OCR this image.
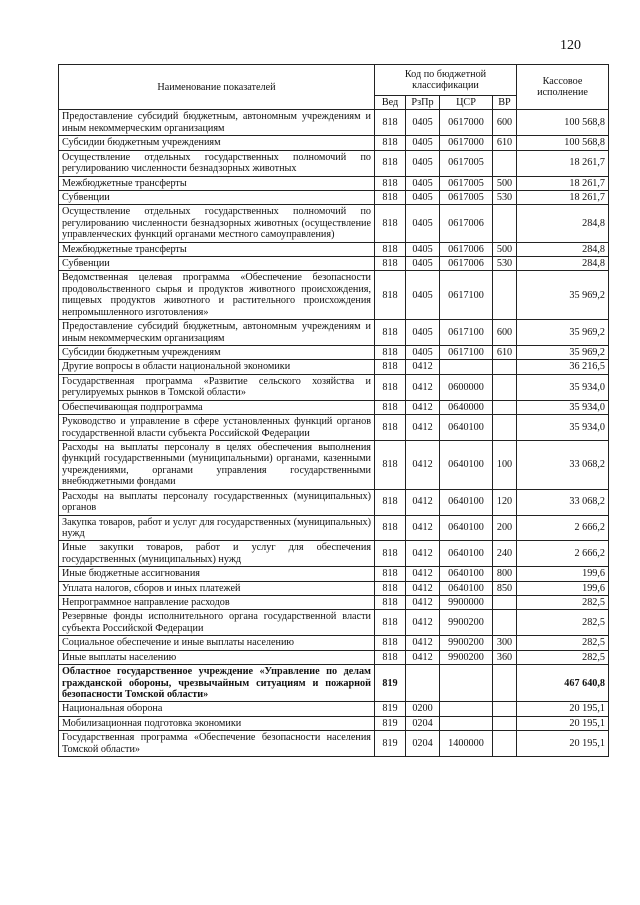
120
Наименование показателей	Код по бюджетной классификации				Кассовое исполнение
	Вед	РзПр	ЦСР	ВР	
Предоставление субсидий бюджетным, автономным учреждениям и иным некоммерческим организациям	818	0405	0617000	600	100 568,8
Субсидии бюджетным учреждениям	818	0405	0617000	610	100 568,8
Осуществление отдельных государственных полномочий по регулированию численности безнадзорных животных	818	0405	0617005		18 261,7
Межбюджетные трансферты	818	0405	0617005	500	18 261,7
Субвенции	818	0405	0617005	530	18 261,7
Осуществление отдельных государственных полномочий по регулированию численности безнадзорных животных (осуществление управленческих функций органами местного самоуправления)	818	0405	0617006		284,8
Межбюджетные трансферты	818	0405	0617006	500	284,8
Субвенции	818	0405	0617006	530	284,8
Ведомственная целевая программа «Обеспечение безопасности продовольственного сырья и продуктов животного происхождения, пищевых продуктов животного и растительного происхождения непромышленного изготовления»	818	0405	0617100		35 969,2
Предоставление субсидий бюджетным, автономным учреждениям и иным некоммерческим организациям	818	0405	0617100	600	35 969,2
Субсидии бюджетным учреждениям	818	0405	0617100	610	35 969,2
Другие вопросы в области национальной экономики	818	0412			36 216,5
Государственная программа «Развитие сельского хозяйства и регулируемых рынков в Томской области»	818	0412	0600000		35 934,0
Обеспечивающая подпрограмма	818	0412	0640000		35 934,0
Руководство и управление в сфере установленных функций органов государственной власти субъекта Российской Федерации	818	0412	0640100		35 934,0
Расходы на выплаты персоналу в целях обеспечения выполнения функций государственными (муниципальными) органами, казенными учреждениями, органами управления государственными внебюджетными фондами	818	0412	0640100	100	33 068,2
Расходы на выплаты персоналу государственных (муниципальных) органов	818	0412	0640100	120	33 068,2
Закупка товаров, работ и услуг для государственных (муниципальных) нужд	818	0412	0640100	200	2 666,2
Иные закупки товаров, работ и услуг для обеспечения государственных (муниципальных) нужд	818	0412	0640100	240	2 666,2
Иные бюджетные ассигнования	818	0412	0640100	800	199,6
Уплата налогов, сборов и иных платежей	818	0412	0640100	850	199,6
Непрограммное направление расходов	818	0412	9900000		282,5
Резервные фонды исполнительного органа государственной власти субъекта Российской Федерации	818	0412	9900200		282,5
Социальное обеспечение и иные выплаты населению	818	0412	9900200	300	282,5
Иные выплаты населению	818	0412	9900200	360	282,5
Областное государственное учреждение «Управление по делам гражданской обороны, чрезвычайным ситуациям и пожарной безопасности Томской области»	819				467 640,8
Национальная оборона	819	0200			20 195,1
Мобилизационная подготовка экономики	819	0204			20 195,1
Государственная программа «Обеспечение безопасности населения Томской области»	819	0204	1400000		20 195,1
